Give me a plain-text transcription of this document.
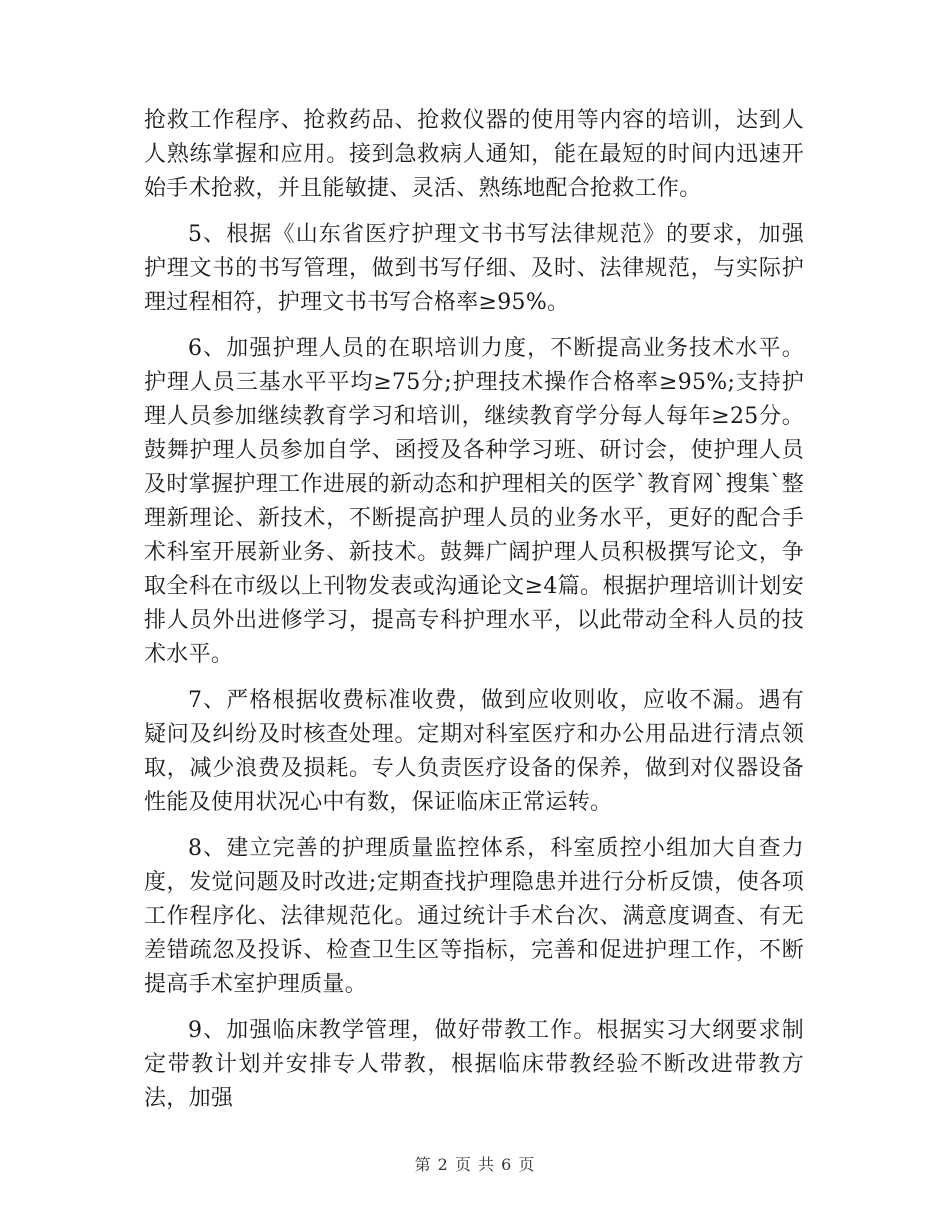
抢救工作程序、抢救药品、抢救仪器的使用等内容的培训，达到人人熟练掌握和应用。接到急救病人通知，能在最短的时间内迅速开始手术抢救，并且能敏捷、灵活、熟练地配合抢救工作。

5、根据《山东省医疗护理文书书写法律规范》的要求，加强护理文书的书写管理，做到书写仔细、及时、法律规范，与实际护理过程相符，护理文书书写合格率≥95%。

6、加强护理人员的在职培训力度，不断提高业务技术水平。护理人员三基水平平均≥75分;护理技术操作合格率≥95%;支持护理人员参加继续教育学习和培训，继续教育学分每人每年≥25分。鼓舞护理人员参加自学、函授及各种学习班、研讨会，使护理人员及时掌握护理工作进展的新动态和护理相关的医学`教育网`搜集`整理新理论、新技术，不断提高护理人员的业务水平，更好的配合手术科室开展新业务、新技术。鼓舞广阔护理人员积极撰写论文，争取全科在市级以上刊物发表或沟通论文≥4篇。根据护理培训计划安排人员外出进修学习，提高专科护理水平，以此带动全科人员的技术水平。

7、严格根据收费标准收费，做到应收则收，应收不漏。遇有疑问及纠纷及时核查处理。定期对科室医疗和办公用品进行清点领取，减少浪费及损耗。专人负责医疗设备的保养，做到对仪器设备性能及使用状况心中有数，保证临床正常运转。

8、建立完善的护理质量监控体系，科室质控小组加大自查力度，发觉问题及时改进;定期查找护理隐患并进行分析反馈，使各项工作程序化、法律规范化。通过统计手术台次、满意度调查、有无差错疏忽及投诉、检查卫生区等指标，完善和促进护理工作，不断提高手术室护理质量。

9、加强临床教学管理，做好带教工作。根据实习大纲要求制定带教计划并安排专人带教，根据临床带教经验不断改进带教方法，加强

第 2 页 共 6 页
